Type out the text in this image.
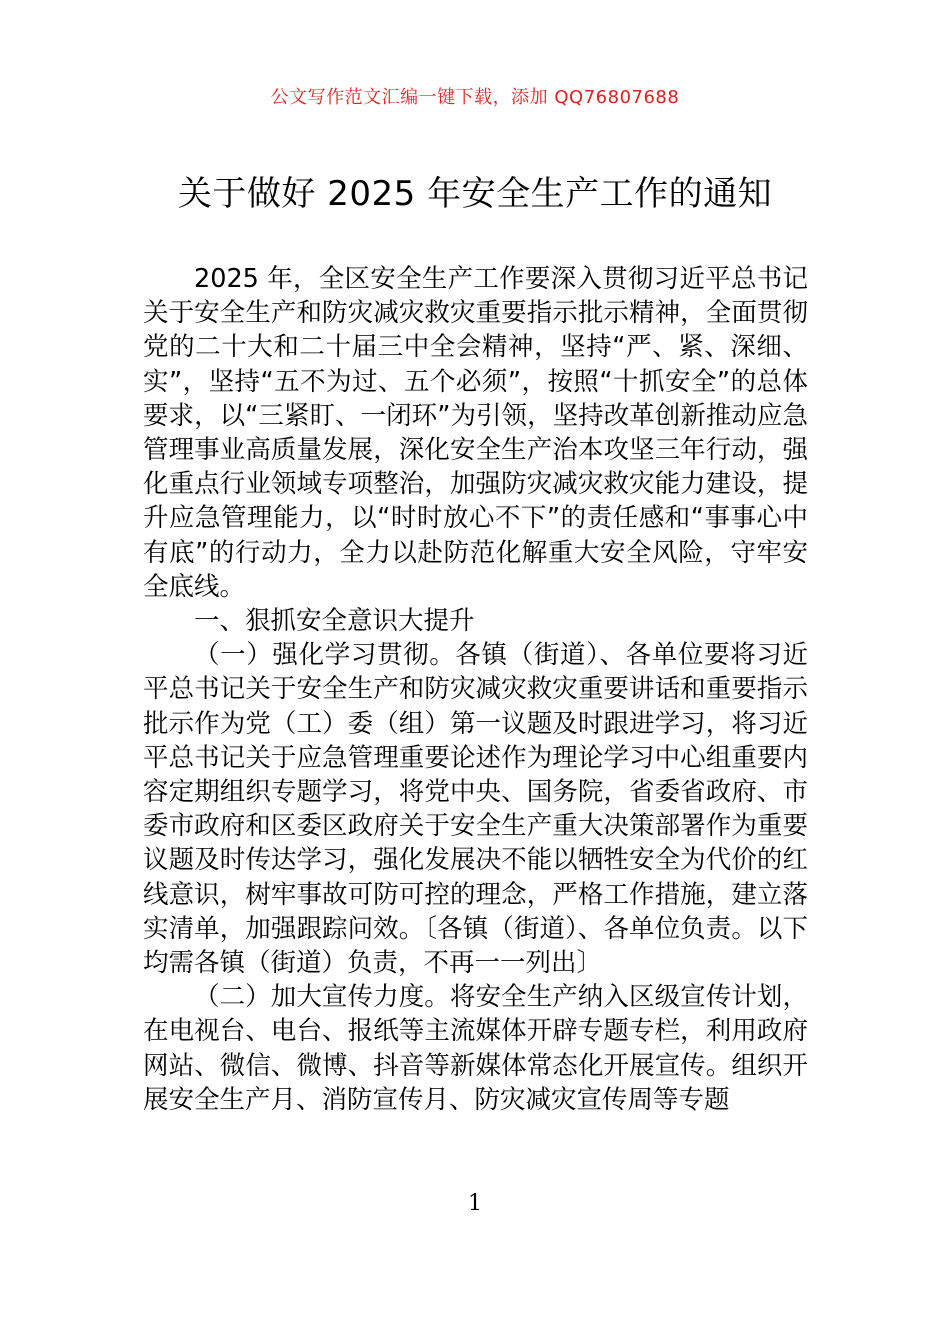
公文写作范文汇编一键下载，添加 QQ76807688
关于做好 2025 年安全生产工作的通知

2025 年，全区安全生产工作要深入贯彻习近平总书记关于安全生产和防灾减灾救灾重要指示批示精神，全面贯彻党的二十大和二十届三中全会精神，坚持“严、紧、深细、实”，坚持“五不为过、五个必须”，按照“十抓安全”的总体要求，以“三紧盯、一闭环”为引领，坚持改革创新推动应急管理事业高质量发展，深化安全生产治本攻坚三年行动，强化重点行业领域专项整治，加强防灾减灾救灾能力建设，提升应急管理能力，以“时时放心不下”的责任感和“事事心中有底”的行动力，全力以赴防范化解重大安全风险，守牢安全底线。

一、狠抓安全意识大提升

（一）强化学习贯彻。各镇（街道）、各单位要将习近平总书记关于安全生产和防灾减灾救灾重要讲话和重要指示批示作为党（工）委（组）第一议题及时跟进学习，将习近平总书记关于应急管理重要论述作为理论学习中心组重要内容定期组织专题学习，将党中央、国务院，省委省政府、市委市政府和区委区政府关于安全生产重大决策部署作为重要议题及时传达学习，强化发展决不能以牺牲安全为代价的红线意识，树牢事故可防可控的理念，严格工作措施，建立落实清单，加强跟踪问效。〔各镇（街道）、各单位负责。以下均需各镇（街道）负责，不再一一列出〕

（二）加大宣传力度。将安全生产纳入区级宣传计划，在电视台、电台、报纸等主流媒体开辟专题专栏，利用政府网站、微信、微博、抖音等新媒体常态化开展宣传。组织开展安全生产月、消防宣传月、防灾减灾宣传周等专题

1
